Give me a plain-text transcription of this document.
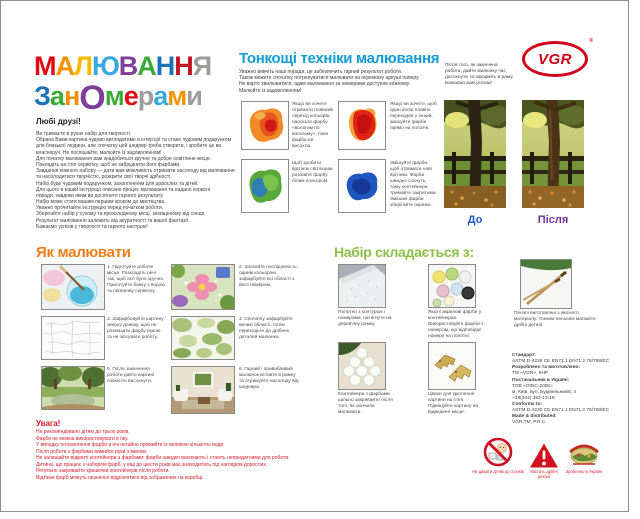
МАЛЮВАННЯ
ЗанОмерами
Любі друзі!
Ви тримаєте в руках набір для творчості.
Обрана Вами картина чудово виглядатиме в інтер'єрі та стане чудовим подарунком
для близької людини, але спочатку цей шедевр треба створити, і зробите це ви
власноруч. Не поспішайте, малюйте із задоволенням!
Для початку малювання вам знадобиться зручне та добре освітлене місце.
Покладіть на стіл серветку, щоб не забруднити його фарбами.
Завдання кожного набору — дати вам можливість отримати насолоду від малювання
та насолодитися творчістю, розкрити свої творчі здібності.
Набір буде чудовим подарунком, захопленням для дорослих та дітей.
Для цього в нашій інструкції описано процес малювання та надано корисні
поради, завдяки яким ви досягнете гарного результату.
Набір може стати вашим першим кроком до мистецтва.
Уважно прочитайте інструкцію перед початком роботи.
Зберігайте набір у сухому та прохолодному місці, захищеному від сонця.
Результат малювання залежить від акуратності та вашої фантазії.
Бажаємо успіхів у творчості та гарного настрою!
Тонкощі техніки малювання
Уважно вивчіть наші поради, це забезпечить гарний результат роботи.
Також можете спочатку потренуватися малювати на окремому аркуші паперу.
Не варто хвилюватися, адже малювання за номерами доступне кожному.
Малюйте із задоволенням!
Якщо ви хочете отримати плавний перехід кольорів, наносьте фарбу «вологим по вологому», поки фарба не висохла.
Якщо ви хочете, щоб один колір плавно переходив у інший, змішуйте фарби прямо на полотні.
Щоб зробити відтінок світлішим, розбавте фарбу білим кольором.
Змішуйте фарби, щоб отримати нові відтінки. Фарби швидко сохнуть, тому контейнери тримайте закритими. Змішані фарби зберігайте окремо.
VGR
®
Після того, як закінчена
робота, дайте малюнку час
досохнути та оформіть в раму.
Бажаємо вам успіхів!
До	Після
Як малювати
1. Підготуйте робоче місце. Розкладіть речі так, щоб все було зручно. Приготуйте банку з водою та паперову серветку.
2. Засвойте послідовність: одним кольором зафарбуйте всі області з його номером.
3. Зафарбовуйте картину зверху донизу, щоб не розмазати фарбу рукою та не зіпсувати роботу.
4. Спочатку зафарбуйте великі області, потім переходьте до дрібних деталей малюнка.
5. Після закінчення роботи дайте картині повністю висохнути.
6. Гарний і привабливий малюнок вставте в рамку та отримуйте насолоду від шедевра.
Набір складається з:
Полотно з контуром і номерами, натягнуте на дерев'яну рамку.
Якісні акрилові фарби у контейнерах. Використовуйте фарби з номером, що відповідає номеру на полотні.
Контейнери з фарбами щільно закривайте після того, як скінчили малювати.
Цвяхи для кріплення картини на стіні. Підвішуйте картину на відведене місце.
Пензлі виготовлені з якісного матеріалу. Тонким пензлем малюйте дрібні деталі.
Стандарт:
ASTM D-4236 CE EN71.1 EN71.2 76/768/EC
Розроблено та виготовлено:
ТМ «VGR», КНР
Постачальник в Україні:
ТОВ «ОФІС-2000»
м. Київ, вул. Будівельників, 4
+38(044) 353-13-19
Conforms to:
ASTM D-4236 CE EN71.1 EN71.2 76/768/EC
Made & distributed:
VGR TM, P.R.C.
Увага!
Не рекомендовано дітям до трьох років.
Фарби не можна використовувати в їжу.
У випадку потрапляння фарби в очі негайно промийте їх великою кількістю води.
Після роботи з фарбами вимийте руки з милом.
Не залишайте відкриті контейнери з фарбами: фарби швидко висихають і стають непридатними для роботи.
Дитина, що працює з набором фарб, у віці до шести років має знаходитись під наглядом дорослих.
Ретельно закривайте кришечки контейнерів після роботи.
Відтінки фарб можуть незначно відрізнятися від зображених на коробці.
Не давати дітям до 3 років	Містить дрібні деталі
Зроблено в Україні
